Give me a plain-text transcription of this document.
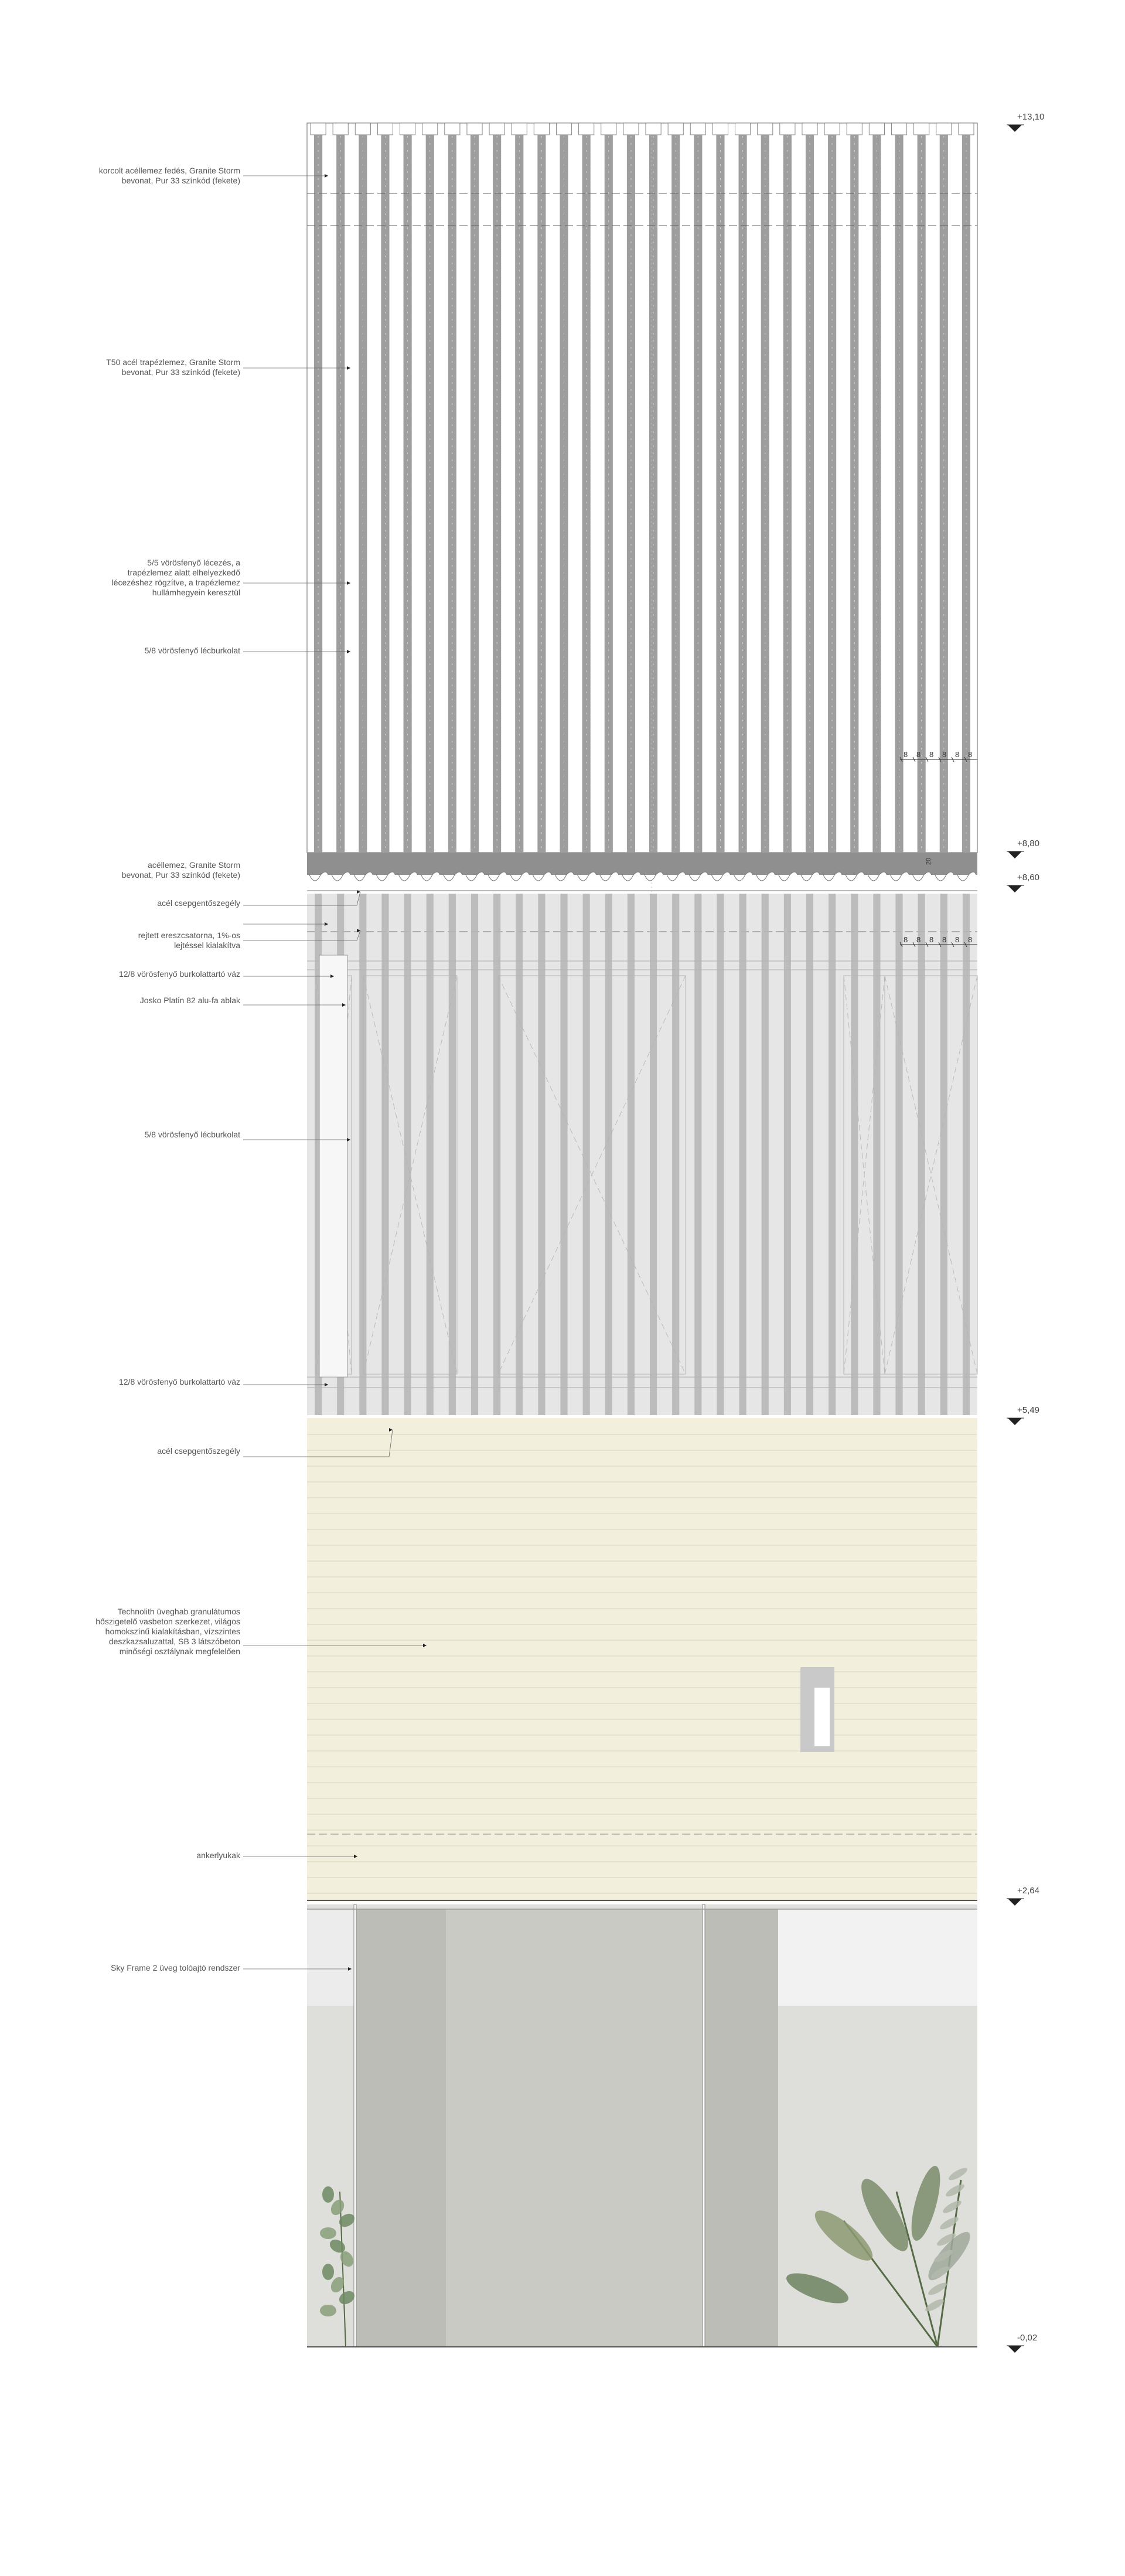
8 8 8 8 8 8
20
8 8 8 8 8 8
korcolt acéllemez fedés, Granite Storm
bevonat, Pur 33 színkód (fekete)
T50 acél trapézlemez, Granite Storm
bevonat, Pur 33 színkód (fekete)
5/5 vörösfenyő lécezés, a
trapézlemez alatt elhelyezkedő
lécezéshez rögzítve, a trapézlemez
hullámhegyein keresztül
5/8 vörösfenyő lécburkolat
acéllemez, Granite Storm
bevonat, Pur 33 színkód (fekete)
acél csepgentőszegély
rejtett ereszcsatorna, 1%-os
lejtéssel kialakítva
12/8 vörösfenyő burkolattartó váz
Josko Platin 82 alu-fa ablak
5/8 vörösfenyő lécburkolat
12/8 vörösfenyő burkolattartó váz
acél csepgentőszegély
Technolith üveghab granulátumos
hőszigetelő vasbeton szerkezet, világos
homokszínű kialakításban, vízszintes
deszkazsaluzattal, SB 3 látszóbeton
minőségi osztálynak megfelelően
ankerlyukak
Sky Frame 2 üveg tolóajtó rendszer
+13,10
+8,80
+8,60
+5,49
+2,64
-0,02
